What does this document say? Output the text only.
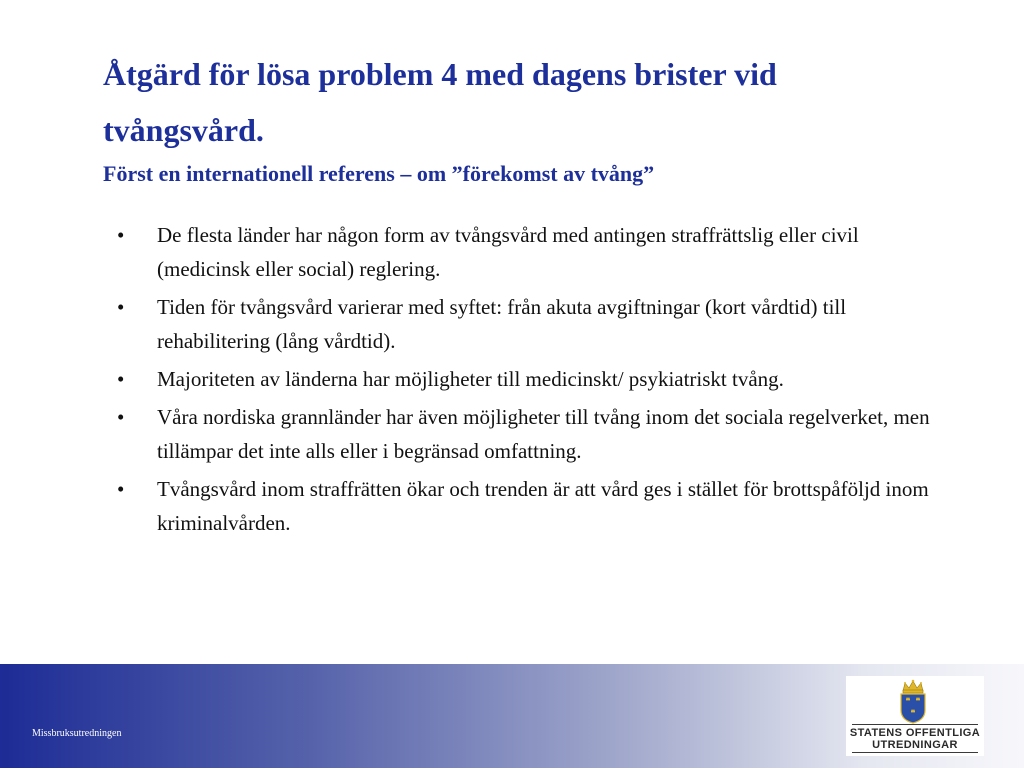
Åtgärd för lösa problem 4 med dagens brister vid tvångsvård.
Först en internationell referens – om ”förekomst av tvång”
• De flesta länder har någon form av tvångsvård med antingen straffrättslig eller civil (medicinsk eller social) reglering.
• Tiden för tvångsvård varierar med syftet: från akuta avgiftningar (kort vårdtid) till rehabilitering (lång vårdtid).
• Majoriteten av länderna har möjligheter till medicinskt/ psykiatriskt tvång.
• Våra nordiska grannländer har även möjligheter till tvång inom det sociala regelverket, men tillämpar det inte alls eller i begränsad omfattning.
• Tvångsvård inom straffrätten ökar och trenden är att vård ges i stället för brottspåföljd inom kriminalvården.
Missbruksutredningen	STATENS OFFENTLIGA
UTREDNINGAR
